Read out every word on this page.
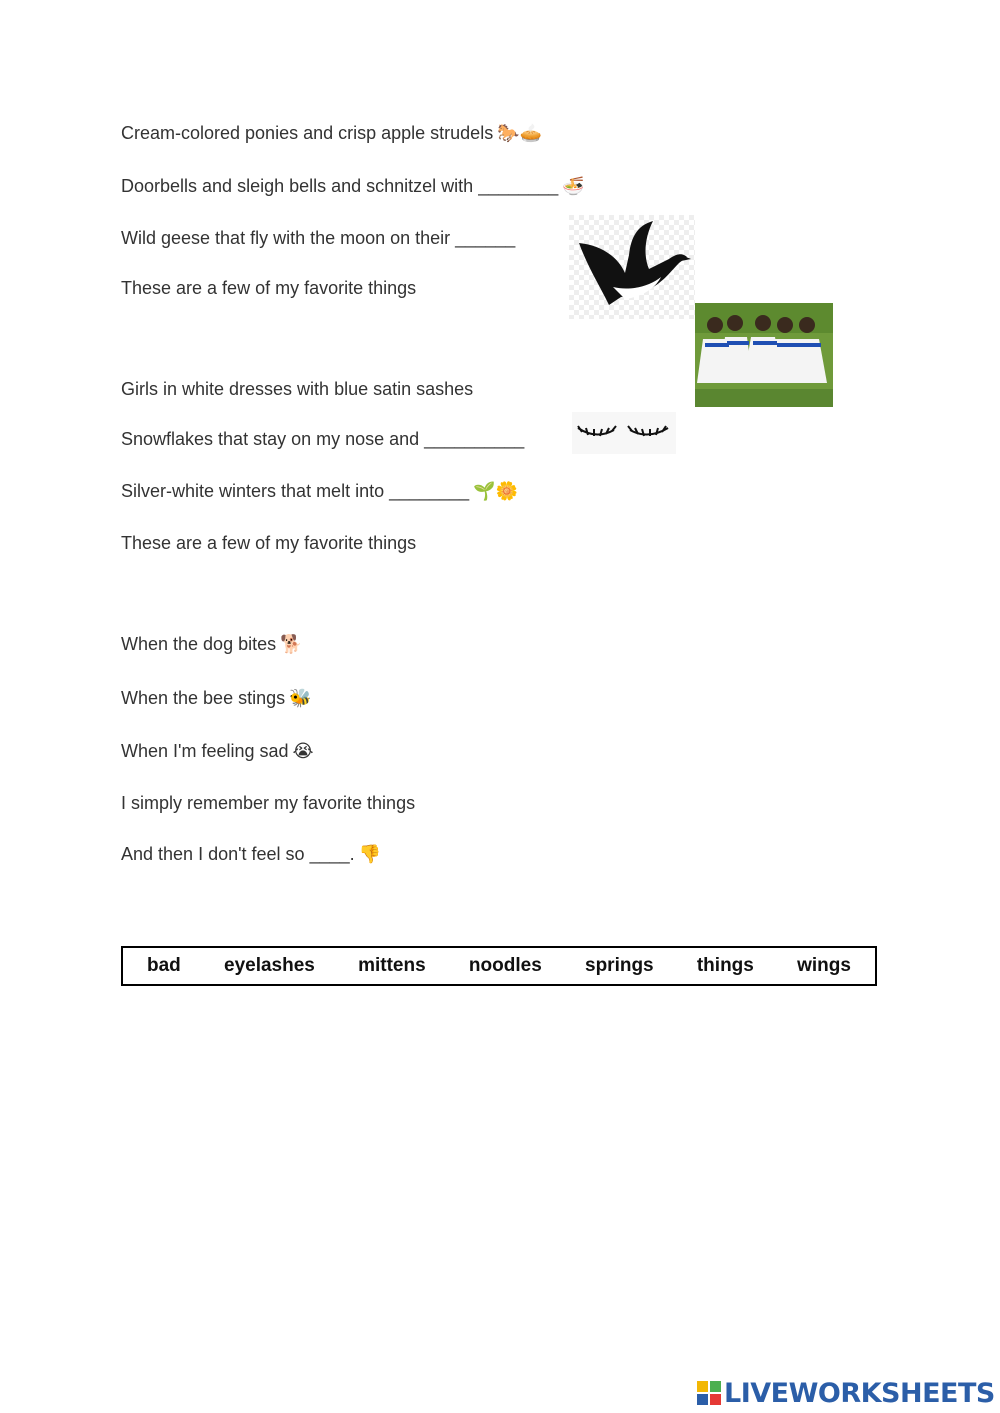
Cream-colored ponies and crisp apple strudels 🐎🥧
Doorbells and sleigh bells and schnitzel with ________ 🍜
Wild geese that fly with the moon on their ______
These are a few of my favorite things
Girls in white dresses with blue satin sashes
Snowflakes that stay on my nose and __________
Silver-white winters that melt into ________ 🌱🌼
These are a few of my favorite things
When the dog bites 🐕
When the bee stings 🐝
When I'm feeling sad 😭
I simply remember my favorite things
And then I don't feel so ____. 👎
bad eyelashes mittens noodles springs things wings
LIVEWORKSHEETS
